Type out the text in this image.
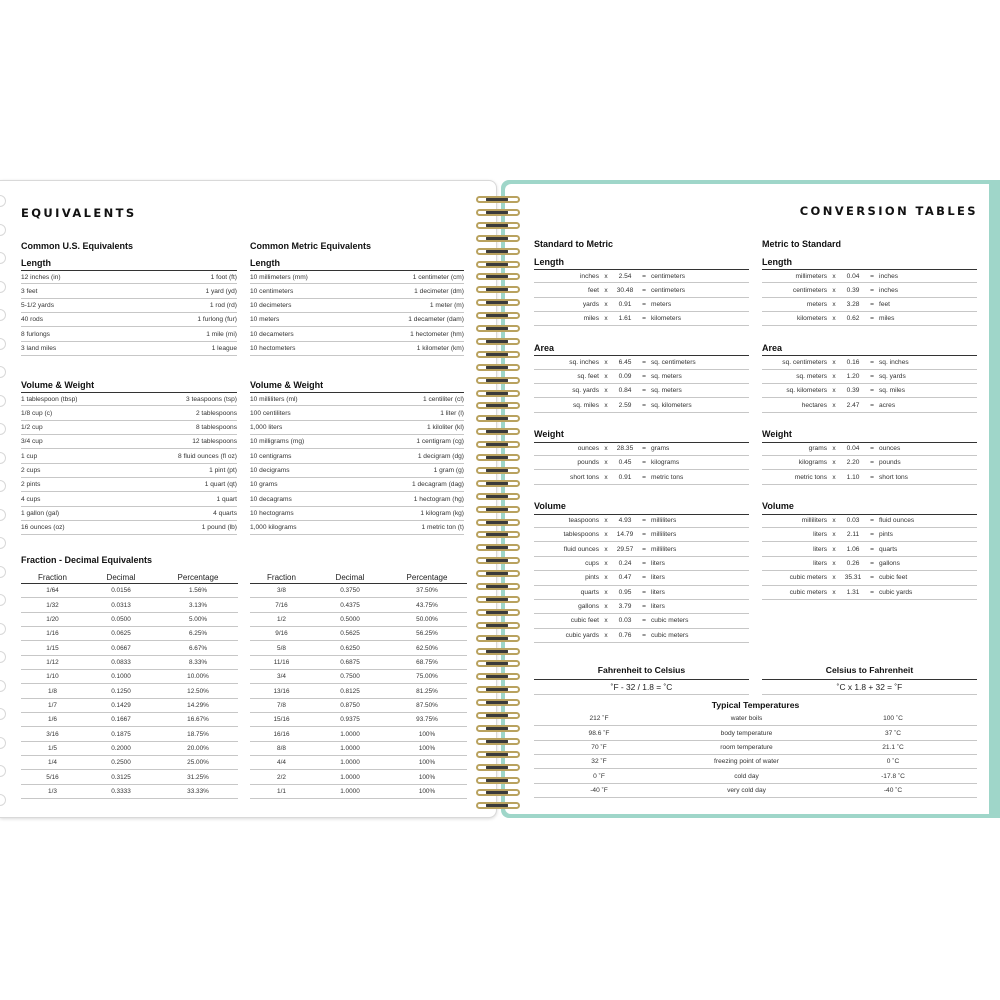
EQUIVALENTS
Common U.S. Equivalents
Length
12 inches (in)	1 foot (ft)
3 feet	1 yard (yd)
5-1/2 yards	1 rod (rd)
40 rods	1 furlong (fur)
8 furlongs	1 mile (mi)
3 land miles	1 league
Volume & Weight
1 tablespoon (tbsp)	3 teaspoons (tsp)
1/8 cup (c)	2 tablespoons
1/2 cup	8 tablespoons
3/4 cup	12 tablespoons
1 cup	8 fluid ounces (fl oz)
2 cups	1 pint (pt)
2 pints	1 quart (qt)
4 cups	1 quart
1 gallon (gal)	4 quarts
16 ounces (oz)	1 pound (lb)
Common Metric Equivalents
Length
10 millimeters (mm)	1 centimeter (cm)
10 centimeters	1 decimeter (dm)
10 decimeters	1 meter (m)
10 meters	1 decameter (dam)
10 decameters	1 hectometer (hm)
10 hectometers	1 kilometer (km)
Volume & Weight
10 milliliters (ml)	1 centiliter (cl)
100 centiliters	1 liter (l)
1,000 liters	1 kiloliter (kl)
10 milligrams (mg)	1 centigram (cg)
10 centigrams	1 decigram (dg)
10 decigrams	1 gram (g)
10 grams	1 decagram (dag)
10 decagrams	1 hectogram (hg)
10 hectograms	1 kilogram (kg)
1,000 kilograms	1 metric ton (t)
Fraction - Decimal Equivalents
Fraction	Decimal	Percentage
1/64	0.0156	1.56%
1/32	0.0313	3.13%
1/20	0.0500	5.00%
1/16	0.0625	6.25%
1/15	0.0667	6.67%
1/12	0.0833	8.33%
1/10	0.1000	10.00%
1/8	0.1250	12.50%
1/7	0.1429	14.29%
1/6	0.1667	16.67%
3/16	0.1875	18.75%
1/5	0.2000	20.00%
1/4	0.2500	25.00%
5/16	0.3125	31.25%
1/3	0.3333	33.33%
Fraction	Decimal	Percentage
3/8	0.3750	37.50%
7/16	0.4375	43.75%
1/2	0.5000	50.00%
9/16	0.5625	56.25%
5/8	0.6250	62.50%
11/16	0.6875	68.75%
3/4	0.7500	75.00%
13/16	0.8125	81.25%
7/8	0.8750	87.50%
15/16	0.9375	93.75%
16/16	1.0000	100%
8/8	1.0000	100%
4/4	1.0000	100%
2/2	1.0000	100%
1/1	1.0000	100%
CONVERSION TABLES
Standard to Metric
Length
inches x	2.54	= centimeters
feet x	30.48	= centimeters
yards x	0.91	= meters
miles x	1.61	= kilometers
Area
sq. inches x	6.45	= sq. centimeters
sq. feet x	0.09	= sq. meters
sq. yards x	0.84	= sq. meters
sq. miles x	2.59	= sq. kilometers
Weight
ounces x	28.35	= grams
pounds x	0.45	= kilograms
short tons x	0.91	= metric tons
Volume
teaspoons x	4.93	= milliliters
tablespoons x	14.79	= milliliters
fluid ounces x	29.57	= milliliters
cups x	0.24	= liters
pints x	0.47	= liters
quarts x	0.95	= liters
gallons x	3.79	= liters
cubic feet x	0.03	= cubic meters
cubic yards x	0.76	= cubic meters
Metric to Standard
Length
millimeters x	0.04	= inches
centimeters x	0.39	= inches
meters x	3.28	= feet
kilometers x	0.62	= miles
Area
sq. centimeters x	0.16	= sq. inches
sq. meters x	1.20	= sq. yards
sq. kilometers x	0.39	= sq. miles
hectares x	2.47	= acres
Weight
grams x	0.04	= ounces
kilograms x	2.20	= pounds
metric tons x	1.10	= short tons
Volume
milliliters x	0.03	= fluid ounces
liters x	2.11	= pints
liters x	1.06	= quarts
liters x	0.26	= gallons
cubic meters x	35.31	= cubic feet
cubic meters x	1.31	= cubic yards
Fahrenheit to Celsius
˚F - 32 / 1.8 = ˚C
Celsius to Fahrenheit
˚C x 1.8 + 32 = ˚F
Typical Temperatures
212 ˚F	water boils	100 ˚C
98.6 ˚F	body temperature	37 ˚C
70 ˚F	room temperature	21.1 ˚C
32 ˚F	freezing point of water	0 ˚C
0 ˚F	cold day	-17.8 ˚C
-40 ˚F	very cold day	-40 ˚C
